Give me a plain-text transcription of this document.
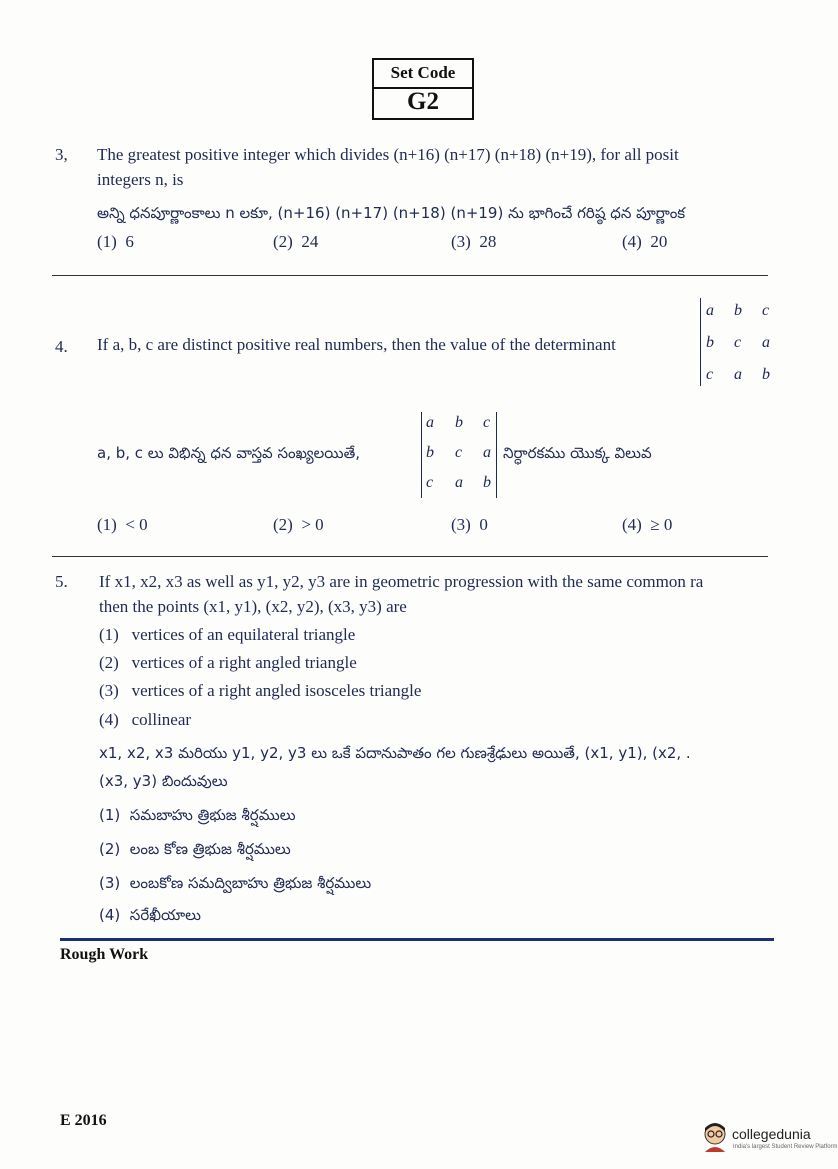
Set Code
G2
3, The greatest positive integer which divides (n+16) (n+17) (n+18) (n+19), for all posit
integers n, is
అన్ని ధనపూర్ణాంకాలు n లకూ, (n+16) (n+17) (n+18) (n+19) ను భాగించే గరిష్ఠ ధన పూర్ణాంక
(1) 6	(2) 24	(3) 28	(4) 20
4. If a, b, c are distinct positive real numbers, then the value of the determinant
a b c
b c a
c a b
a, b, c లు విభిన్న ధన వాస్తవ సంఖ్యలయితే,
a b c
b c a
c a b
నిర్ధారకము యొక్క విలువ
(1) < 0	(2) > 0	(3) 0	(4) ≥ 0
5. If x1, x2, x3 as well as y1, y2, y3 are in geometric progression with the same common ra
then the points (x1, y1), (x2, y2), (x3, y3) are
(1) vertices of an equilateral triangle
(2) vertices of a right angled triangle
(3) vertices of a right angled isosceles triangle
(4) collinear
x1, x2, x3 మరియు y1, y2, y3 లు ఒకే పదానుపాతం గల గుణశ్రేఢులు అయితే, (x1, y1), (x2, .
(x3, y3) బిందువులు
(1) సమబాహు త్రిభుజ శీర్షములు
(2) లంబ కోణ త్రిభుజ శీర్షములు
(3) లంబకోణ సమద్విబాహు త్రిభుజ శీర్షములు
(4) సరేఖీయాలు
Rough Work
E 2016
collegedunia
India's largest Student Review Platform
